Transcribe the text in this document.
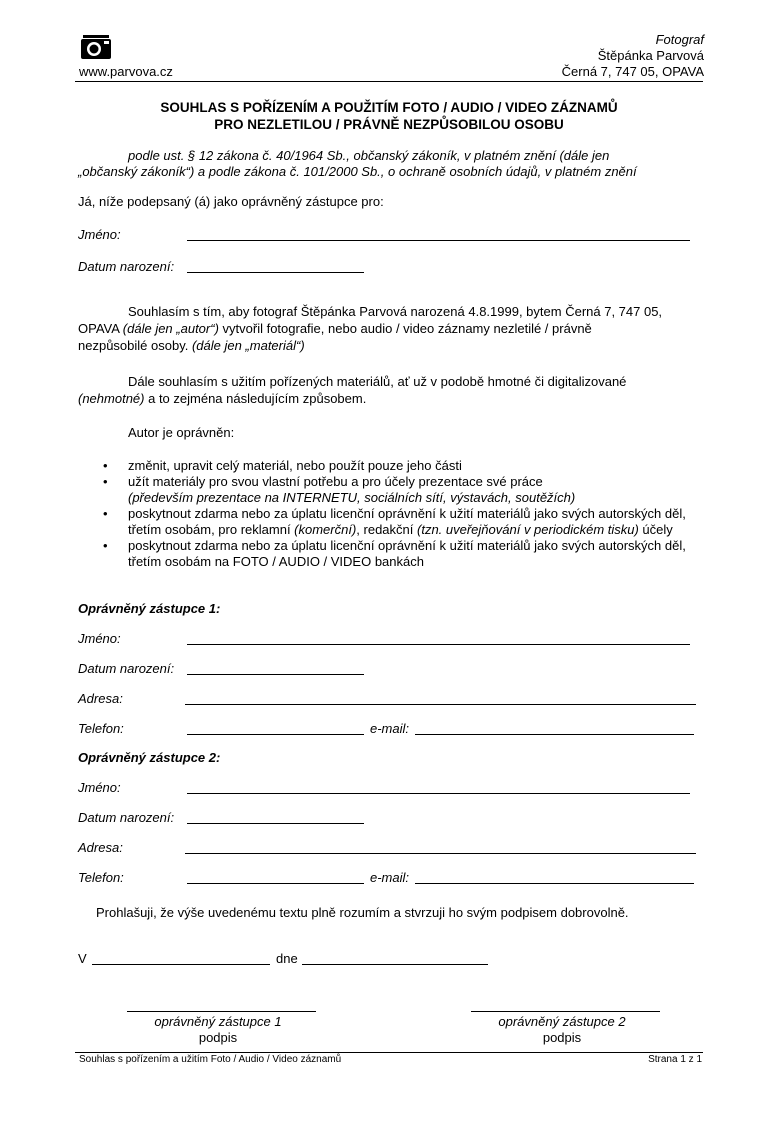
Fotograf
Štěpánka Parvová
Černá 7, 747 05, OPAVA
www.parvova.cz
SOUHLAS S POŘÍZENÍM A POUŽITÍM FOTO / AUDIO / VIDEO ZÁZNAMŮ
PRO NEZLETILOU / PRÁVNĚ NEZPŮSOBILOU OSOBU
podle ust. § 12 zákona č. 40/1964 Sb., občanský zákoník, v platném znění (dále jen
„občanský zákoník“) a podle zákona č. 101/2000 Sb., o ochraně osobních údajů, v platném znění
Já, níže podepsaný (á) jako oprávněný zástupce pro:
Jméno:
Datum narození:

Souhlasím s tím, aby fotograf Štěpánka Parvová narozená 4.8.1999, bytem Černá 7, 747 05,
OPAVA (dále jen „autor“) vytvořil fotografie, nebo audio / video záznamy nezletilé / právně
nezpůsobilé osoby. (dále jen „materiál“)

Dále souhlasím s užitím pořízených materiálů, ať už v podobě hmotné či digitalizované
(nehmotné) a to zejména následujícím způsobem.

Autor je oprávněn:
• změnit, upravit celý materiál, nebo použít pouze jeho části
• užít materiály pro svou vlastní potřebu a pro účely prezentace své práce
(především prezentace na INTERNETU, sociálních sítí, výstavách, soutěžích)
• poskytnout zdarma nebo za úplatu licenční oprávnění k užití materiálů jako svých autorských děl, třetím osobám, pro reklamní (komerční), redakční (tzn. uveřejňování v periodickém tisku) účely
• poskytnout zdarma nebo za úplatu licenční oprávnění k užití materiálů jako svých autorských děl, třetím osobám na FOTO / AUDIO / VIDEO bankách
Oprávněný zástupce 1:
Jméno:
Datum narození:
Adresa:
Telefon:	e-mail:
Oprávněný zástupce 2:
Jméno:
Datum narození:
Adresa:
Telefon:	e-mail:
Prohlašuji, že výše uvedenému textu plně rozumím a stvrzuji ho svým podpisem dobrovolně.
V	dne
oprávněný zástupce 1
podpis
oprávněný zástupce 2
podpis
Souhlas s pořízením a užitím Foto / Audio / Video záznamů	Strana 1 z 1
